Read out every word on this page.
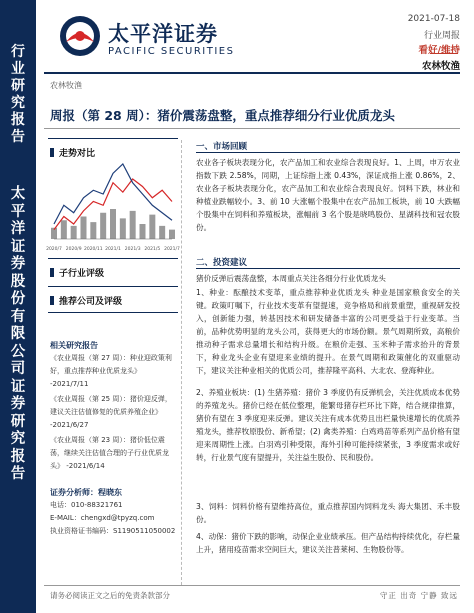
行业研究报告
太平洋证券股份有限公司证券研究报告
太平洋证券
PACIFIC SECURITIES
2021-07-18
行业周报
看好/维持
农林牧渔
农林牧渔
周报（第 28 周）：猪价震荡盘整，重点推荐细分行业优质龙头
走势对比
2020/7 2020/9 2020/11 2021/1 2021/3 2021/5 2021/7
子行业评级
推荐公司及评级
相关研究报告
《农业周报（第 27 周）：种业迎政策利好，重点推荐种业优质龙头》 -2021/7/11
《农业周报（第 25 周）：猪价迎反弹，建议关注估值修复的优质养殖企业》 -2021/6/27
《农业周报（第 23 周）：猪价低位震荡，继续关注估值合理的子行业优质龙头》 -2021/6/14
证券分析师：程晓东
电话：010-88321761
E-MAIL：chengxd@tpyzq.com
执业资格证书编码：S1190511050002
一、市场回顾
农业各子板块表现分化，农产品加工和农业综合表现良好。1、上周，申万农业指数下跌 2.58%，同期，上证综指上涨 0.43%，深证成指上涨 0.86%，2、农业各子板块表现分化，农产品加工和农业综合表现良好。饲料下跌，林业和种植业跌幅较小。3、前 10 大涨幅个股集中在农产品加工板块，前 10 大跌幅个股集中在饲料和养殖板块，涨幅前 3 名个股是晓鸣股份、星湖科技和冠农股份。
二、投资建议
猪价反弹后震荡盘整，本周重点关注各细分行业优质龙头
1、种业：酝酿技术变革，重点推荐种业优质龙头 种业是国家粮食安全的关键。政策叮嘱下，行业技术变革有望提速，竞争格局和前景重塑，重视研发投入，创新能力强，转基因技术和研发储备丰富的公司更受益于行业变革。当前，品种优势明显的龙头公司，获得更大的市场份额。景气周期所致，高粮价推动种子需求总量增长和结构升级。在粮价走强、玉米种子需求抬升的背景下，种业龙头企业有望迎来业绩的提升。在景气周期和政策催化的双重驱动下，建议关注种业相关的优质公司，推荐隆平高科、大北农、登海种业。
2、养殖业板块：(1) 生猪养殖：猪价 3 季度仍有反弹机会，关注优质成本优势的养殖龙头。猪价已经在低位整理，能繁母猪存栏环比下降，结合规律推算，猪价有望在 3 季度迎来反弹。建议关注有成本优势且出栏量快速增长的优质养殖龙头，推荐牧原股份、新希望；(2) 禽类养殖：白鸡鸡苗等系列产品价格有望迎来周期性上涨。白羽鸡引种受限，海外引种可能持续紧张，3 季度需求或好转，行业景气度有望提升，关注益生股份、民和股份。
3、饲料：饲料价格有望维持高位，重点推荐国内饲料龙头 海大集团、禾丰股份。
4、动保：猪价下跌的影响，动保企业业绩承压。但产品结构持续优化，存栏量上升，猪用疫苗需求空间巨大，建议关注普莱柯、生物股份等。
请务必阅读正文之后的免责条款部分	守正 出奇 宁静 致远
